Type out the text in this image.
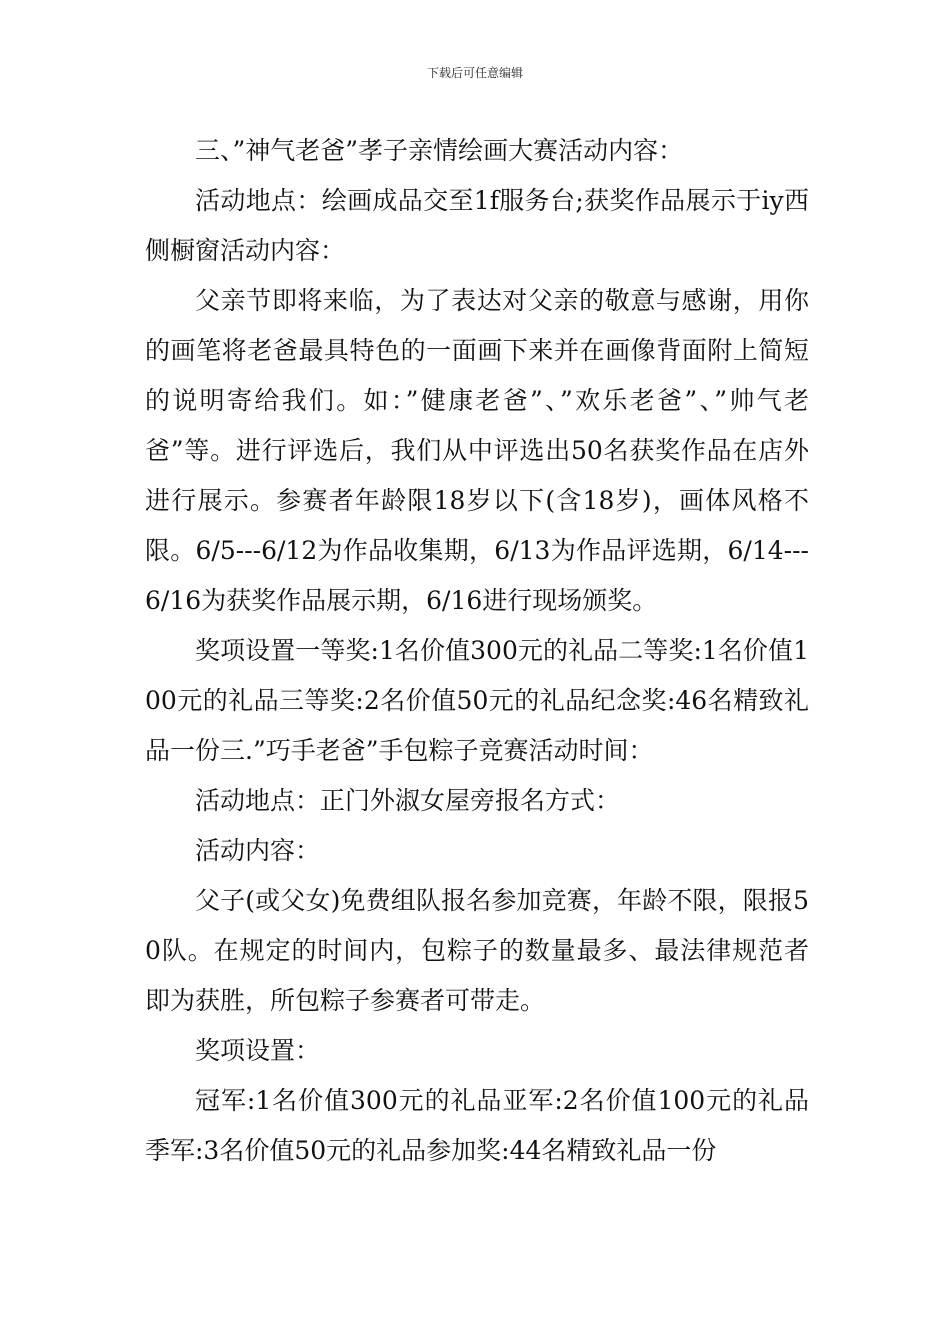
下载后可任意编辑

三、”神气老爸”孝子亲情绘画大赛活动内容：

活动地点：绘画成品交至1f服务台;获奖作品展示于iy西侧橱窗活动内容：

父亲节即将来临，为了表达对父亲的敬意与感谢，用你的画笔将老爸最具特色的一面画下来并在画像背面附上简短的说明寄给我们。如：”健康老爸”、”欢乐老爸”、”帅气老爸”等。进行评选后，我们从中评选出50名获奖作品在店外进行展示。参赛者年龄限18岁以下(含18岁)，画体风格不限。6/5---6/12为作品收集期，6/13为作品评选期，6/14---6/16为获奖作品展示期，6/16进行现场颁奖。

奖项设置一等奖:1名价值300元的礼品二等奖:1名价值100元的礼品三等奖:2名价值50元的礼品纪念奖:46名精致礼品一份三.”巧手老爸”手包粽子竞赛活动时间：

活动地点：正门外淑女屋旁报名方式：

活动内容：

父子(或父女)免费组队报名参加竞赛，年龄不限，限报50队。在规定的时间内，包粽子的数量最多、最法律规范者即为获胜，所包粽子参赛者可带走。

奖项设置：

冠军:1名价值300元的礼品亚军:2名价值100元的礼品季军:3名价值50元的礼品参加奖:44名精致礼品一份
